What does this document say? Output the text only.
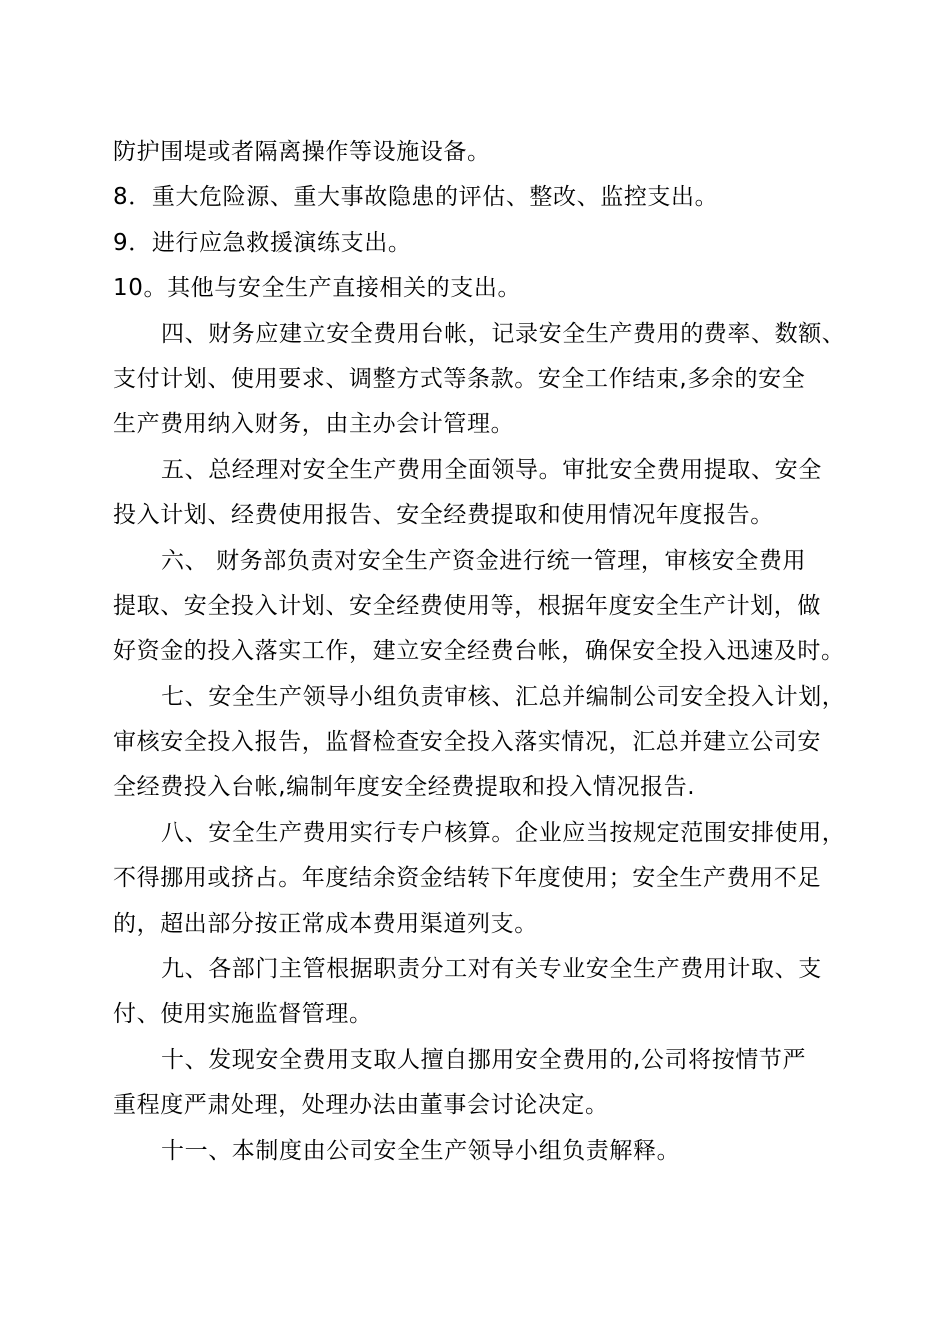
防护围堤或者隔离操作等设施设备。
8．重大危险源、重大事故隐患的评估、整改、监控支出。
9．进行应急救援演练支出。
10。其他与安全生产直接相关的支出。
四、财务应建立安全费用台帐，记录安全生产费用的费率、数额、
支付计划、使用要求、调整方式等条款。安全工作结束,多余的安全
生产费用纳入财务，由主办会计管理。
五、总经理对安全生产费用全面领导。审批安全费用提取、安全
投入计划、经费使用报告、安全经费提取和使用情况年度报告。
六、 财务部负责对安全生产资金进行统一管理，审核安全费用
提取、安全投入计划、安全经费使用等，根据年度安全生产计划，做
好资金的投入落实工作，建立安全经费台帐，确保安全投入迅速及时。
七、安全生产领导小组负责审核、汇总并编制公司安全投入计划，
审核安全投入报告，监督检查安全投入落实情况，汇总并建立公司安
全经费投入台帐,编制年度安全经费提取和投入情况报告.
八、安全生产费用实行专户核算。企业应当按规定范围安排使用，
不得挪用或挤占。年度结余资金结转下年度使用；安全生产费用不足
的，超出部分按正常成本费用渠道列支。
九、各部门主管根据职责分工对有关专业安全生产费用计取、支
付、使用实施监督管理。
十、发现安全费用支取人擅自挪用安全费用的,公司将按情节严
重程度严肃处理，处理办法由董事会讨论决定。
十一、本制度由公司安全生产领导小组负责解释。
